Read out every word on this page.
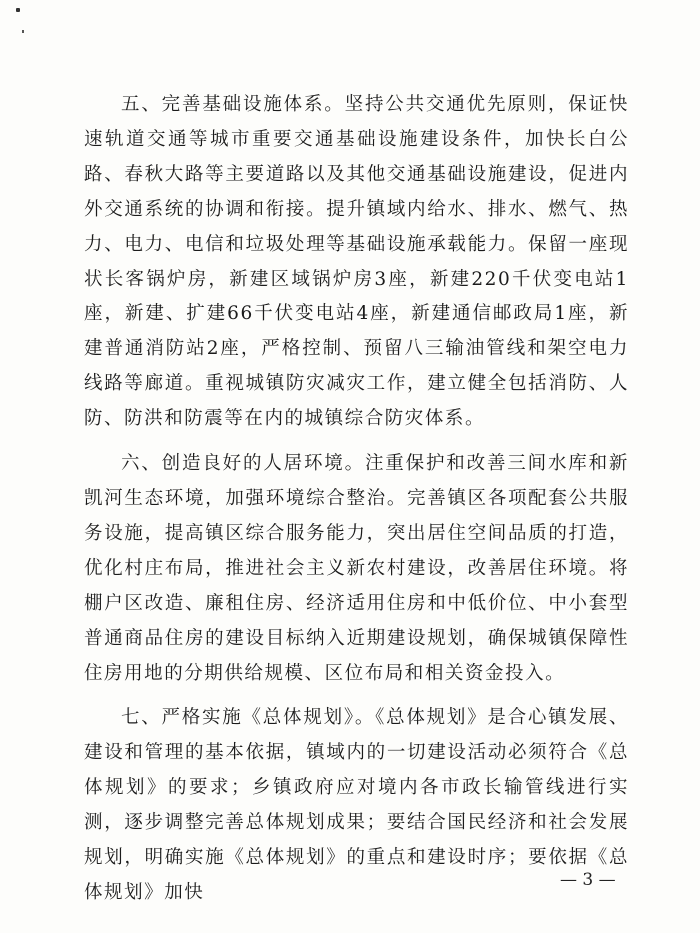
五、完善基础设施体系。坚持公共交通优先原则，保证快速轨道交通等城市重要交通基础设施建设条件，加快长白公路、春秋大路等主要道路以及其他交通基础设施建设，促进内外交通系统的协调和衔接。提升镇域内给水、排水、燃气、热力、电力、电信和垃圾处理等基础设施承载能力。保留一座现状长客锅炉房，新建区域锅炉房3座，新建220千伏变电站1座，新建、扩建66千伏变电站4座，新建通信邮政局1座，新建普通消防站2座，严格控制、预留八三输油管线和架空电力线路等廊道。重视城镇防灾减灾工作，建立健全包括消防、人防、防洪和防震等在内的城镇综合防灾体系。

六、创造良好的人居环境。注重保护和改善三间水库和新凯河生态环境，加强环境综合整治。完善镇区各项配套公共服务设施，提高镇区综合服务能力，突出居住空间品质的打造，优化村庄布局，推进社会主义新农村建设，改善居住环境。将棚户区改造、廉租住房、经济适用住房和中低价位、中小套型普通商品住房的建设目标纳入近期建设规划，确保城镇保障性住房用地的分期供给规模、区位布局和相关资金投入。

七、严格实施《总体规划》。《总体规划》是合心镇发展、建设和管理的基本依据，镇域内的一切建设活动必须符合《总体规划》的要求；乡镇政府应对境内各市政长输管线进行实测，逐步调整完善总体规划成果；要结合国民经济和社会发展规划，明确实施《总体规划》的重点和建设时序；要依据《总体规划》加快

— 3 —
